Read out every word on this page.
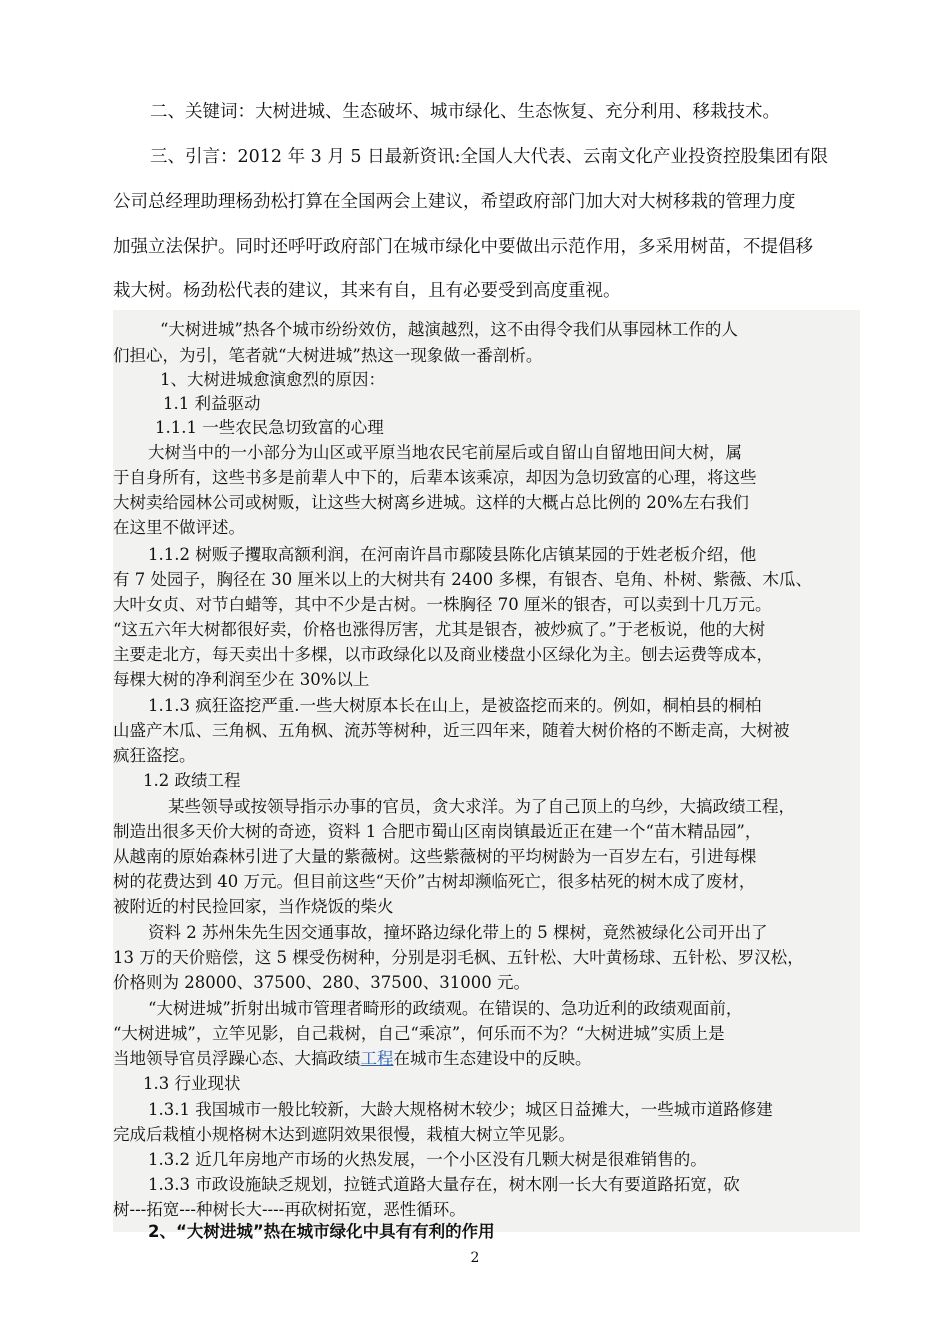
二、关键词：大树进城、生态破坏、城市绿化、生态恢复、充分利用、移栽技术。
三、引言：2012 年 3 月 5 日最新资讯:全国人大代表、云南文化产业投资控股集团有限
公司总经理助理杨劲松打算在全国两会上建议，希望政府部门加大对大树移栽的管理力度
加强立法保护。同时还呼吁政府部门在城市绿化中要做出示范作用，多采用树苗，不提倡移
栽大树。杨劲松代表的建议，其来有自，且有必要受到高度重视。
“大树进城”热各个城市纷纷效仿，越演越烈，这不由得令我们从事园林工作的人
们担心，为引，笔者就“大树进城”热这一现象做一番剖析。
1、大树进城愈演愈烈的原因：
1.1 利益驱动
1.1.1 一些农民急切致富的心理
大树当中的一小部分为山区或平原当地农民宅前屋后或自留山自留地田间大树，属
于自身所有，这些书多是前辈人中下的，后辈本该乘凉，却因为急切致富的心理，将这些
大树卖给园林公司或树贩，让这些大树离乡进城。这样的大概占总比例的 20%左右我们
在这里不做评述。
1.1.2 树贩子攫取高额利润，在河南许昌市鄢陵县陈化店镇某园的于姓老板介绍，他
有 7 处园子，胸径在 30 厘米以上的大树共有 2400 多棵，有银杏、皂角、朴树、紫薇、木瓜、
大叶女贞、对节白蜡等，其中不少是古树。一株胸径 70 厘米的银杏，可以卖到十几万元。
“这五六年大树都很好卖，价格也涨得厉害，尤其是银杏，被炒疯了。”于老板说，他的大树
主要走北方，每天卖出十多棵，以市政绿化以及商业楼盘小区绿化为主。刨去运费等成本，
每棵大树的净利润至少在 30%以上
1.1.3 疯狂盗挖严重.一些大树原本长在山上，是被盗挖而来的。例如，桐柏县的桐柏
山盛产木瓜、三角枫、五角枫、流苏等树种，近三四年来，随着大树价格的不断走高，大树被
疯狂盗挖。
1.2 政绩工程
某些领导或按领导指示办事的官员，贪大求洋。为了自己顶上的乌纱，大搞政绩工程，
制造出很多天价大树的奇迹，资料 1 合肥市蜀山区南岗镇最近正在建一个“苗木精品园”，
从越南的原始森林引进了大量的紫薇树。这些紫薇树的平均树龄为一百岁左右，引进每棵
树的花费达到 40 万元。但目前这些“天价”古树却濒临死亡，很多枯死的树木成了废材，
被附近的村民捡回家，当作烧饭的柴火
资料 2 苏州朱先生因交通事故，撞坏路边绿化带上的 5 棵树，竟然被绿化公司开出了
13 万的天价赔偿，这 5 棵受伤树种，分别是羽毛枫、五针松、大叶黄杨球、五针松、罗汉松，
价格则为 28000、37500、280、37500、31000 元。
“大树进城”折射出城市管理者畸形的政绩观。在错误的、急功近利的政绩观面前，
“大树进城”，立竿见影，自己栽树，自己“乘凉”，何乐而不为？“大树进城”实质上是
当地领导官员浮躁心态、大搞政绩工程在城市生态建设中的反映。
1.3 行业现状
1.3.1 我国城市一般比较新，大龄大规格树木较少；城区日益摊大，一些城市道路修建
完成后栽植小规格树木达到遮阴效果很慢，栽植大树立竿见影。
1.3.2 近几年房地产市场的火热发展，一个小区没有几颗大树是很难销售的。
1.3.3 市政设施缺乏规划，拉链式道路大量存在，树木刚一长大有要道路拓宽，砍
树---拓宽---种树长大----再砍树拓宽，恶性循环。
2、“大树进城”热在城市绿化中具有有利的作用
2
